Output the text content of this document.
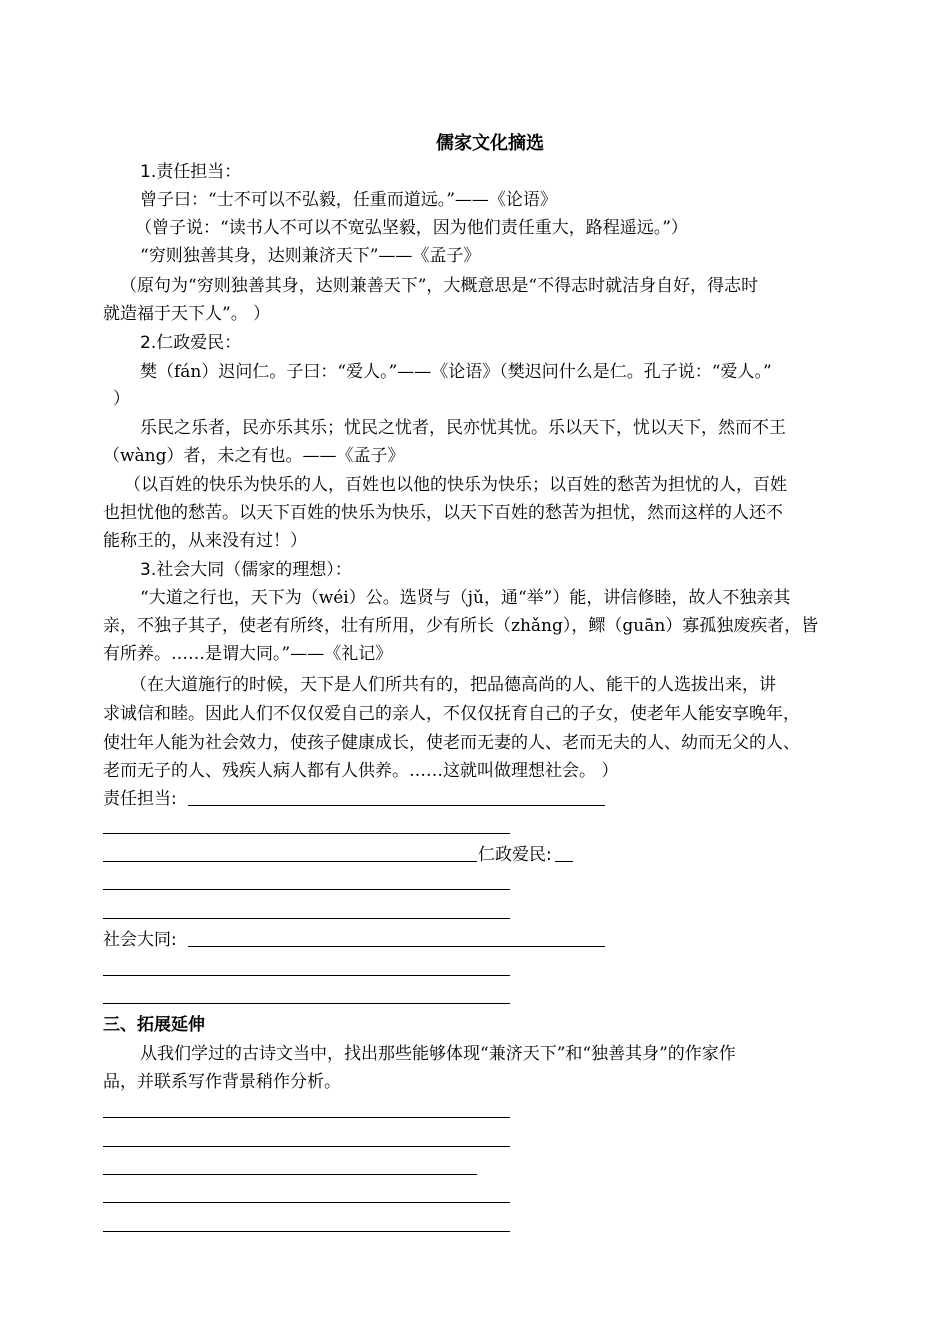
儒家文化摘选
1.责任担当：
曾子曰：“士不可以不弘毅，任重而道远。”——《论语》
（曾子说：“读书人不可以不宽弘坚毅，因为他们责任重大，路程遥远。”）
“穷则独善其身，达则兼济天下”——《孟子》
（原句为“穷则独善其身，达则兼善天下”，大概意思是“不得志时就洁身自好，得志时
就造福于天下人”。 ）
2.仁政爱民：
樊（fán）迟问仁。子曰：“爱人。”——《论语》（樊迟问什么是仁。孔子说：“爱人。”
）
乐民之乐者，民亦乐其乐；忧民之忧者，民亦忧其忧。乐以天下，忧以天下，然而不王
（wàng）者，未之有也。——《孟子》
（以百姓的快乐为快乐的人，百姓也以他的快乐为快乐；以百姓的愁苦为担忧的人，百姓
也担忧他的愁苦。以天下百姓的快乐为快乐，以天下百姓的愁苦为担忧，然而这样的人还不
能称王的，从来没有过！）
3.社会大同（儒家的理想）：
“大道之行也，天下为（wéi）公。选贤与（jǔ，通“举”）能，讲信修睦，故人不独亲其
亲，不独子其子，使老有所终，壮有所用，少有所长（zhǎng），鳏（guān）寡孤独废疾者，皆
有所养。……是谓大同。”——《礼记》
（在大道施行的时候，天下是人们所共有的，把品德高尚的人、能干的人选拔出来，讲
求诚信和睦。因此人们不仅仅爱自己的亲人，不仅仅抚育自己的子女，使老年人能安享晚年，
使壮年人能为社会效力，使孩子健康成长，使老而无妻的人、老而无夫的人、幼而无父的人、
老而无子的人、残疾人病人都有人供养。……这就叫做理想社会。 ）
责任担当:
仁政爱民:
社会大同:
三、拓展延伸
从我们学过的古诗文当中，找出那些能够体现“兼济天下”和“独善其身”的作家作
品，并联系写作背景稍作分析。
